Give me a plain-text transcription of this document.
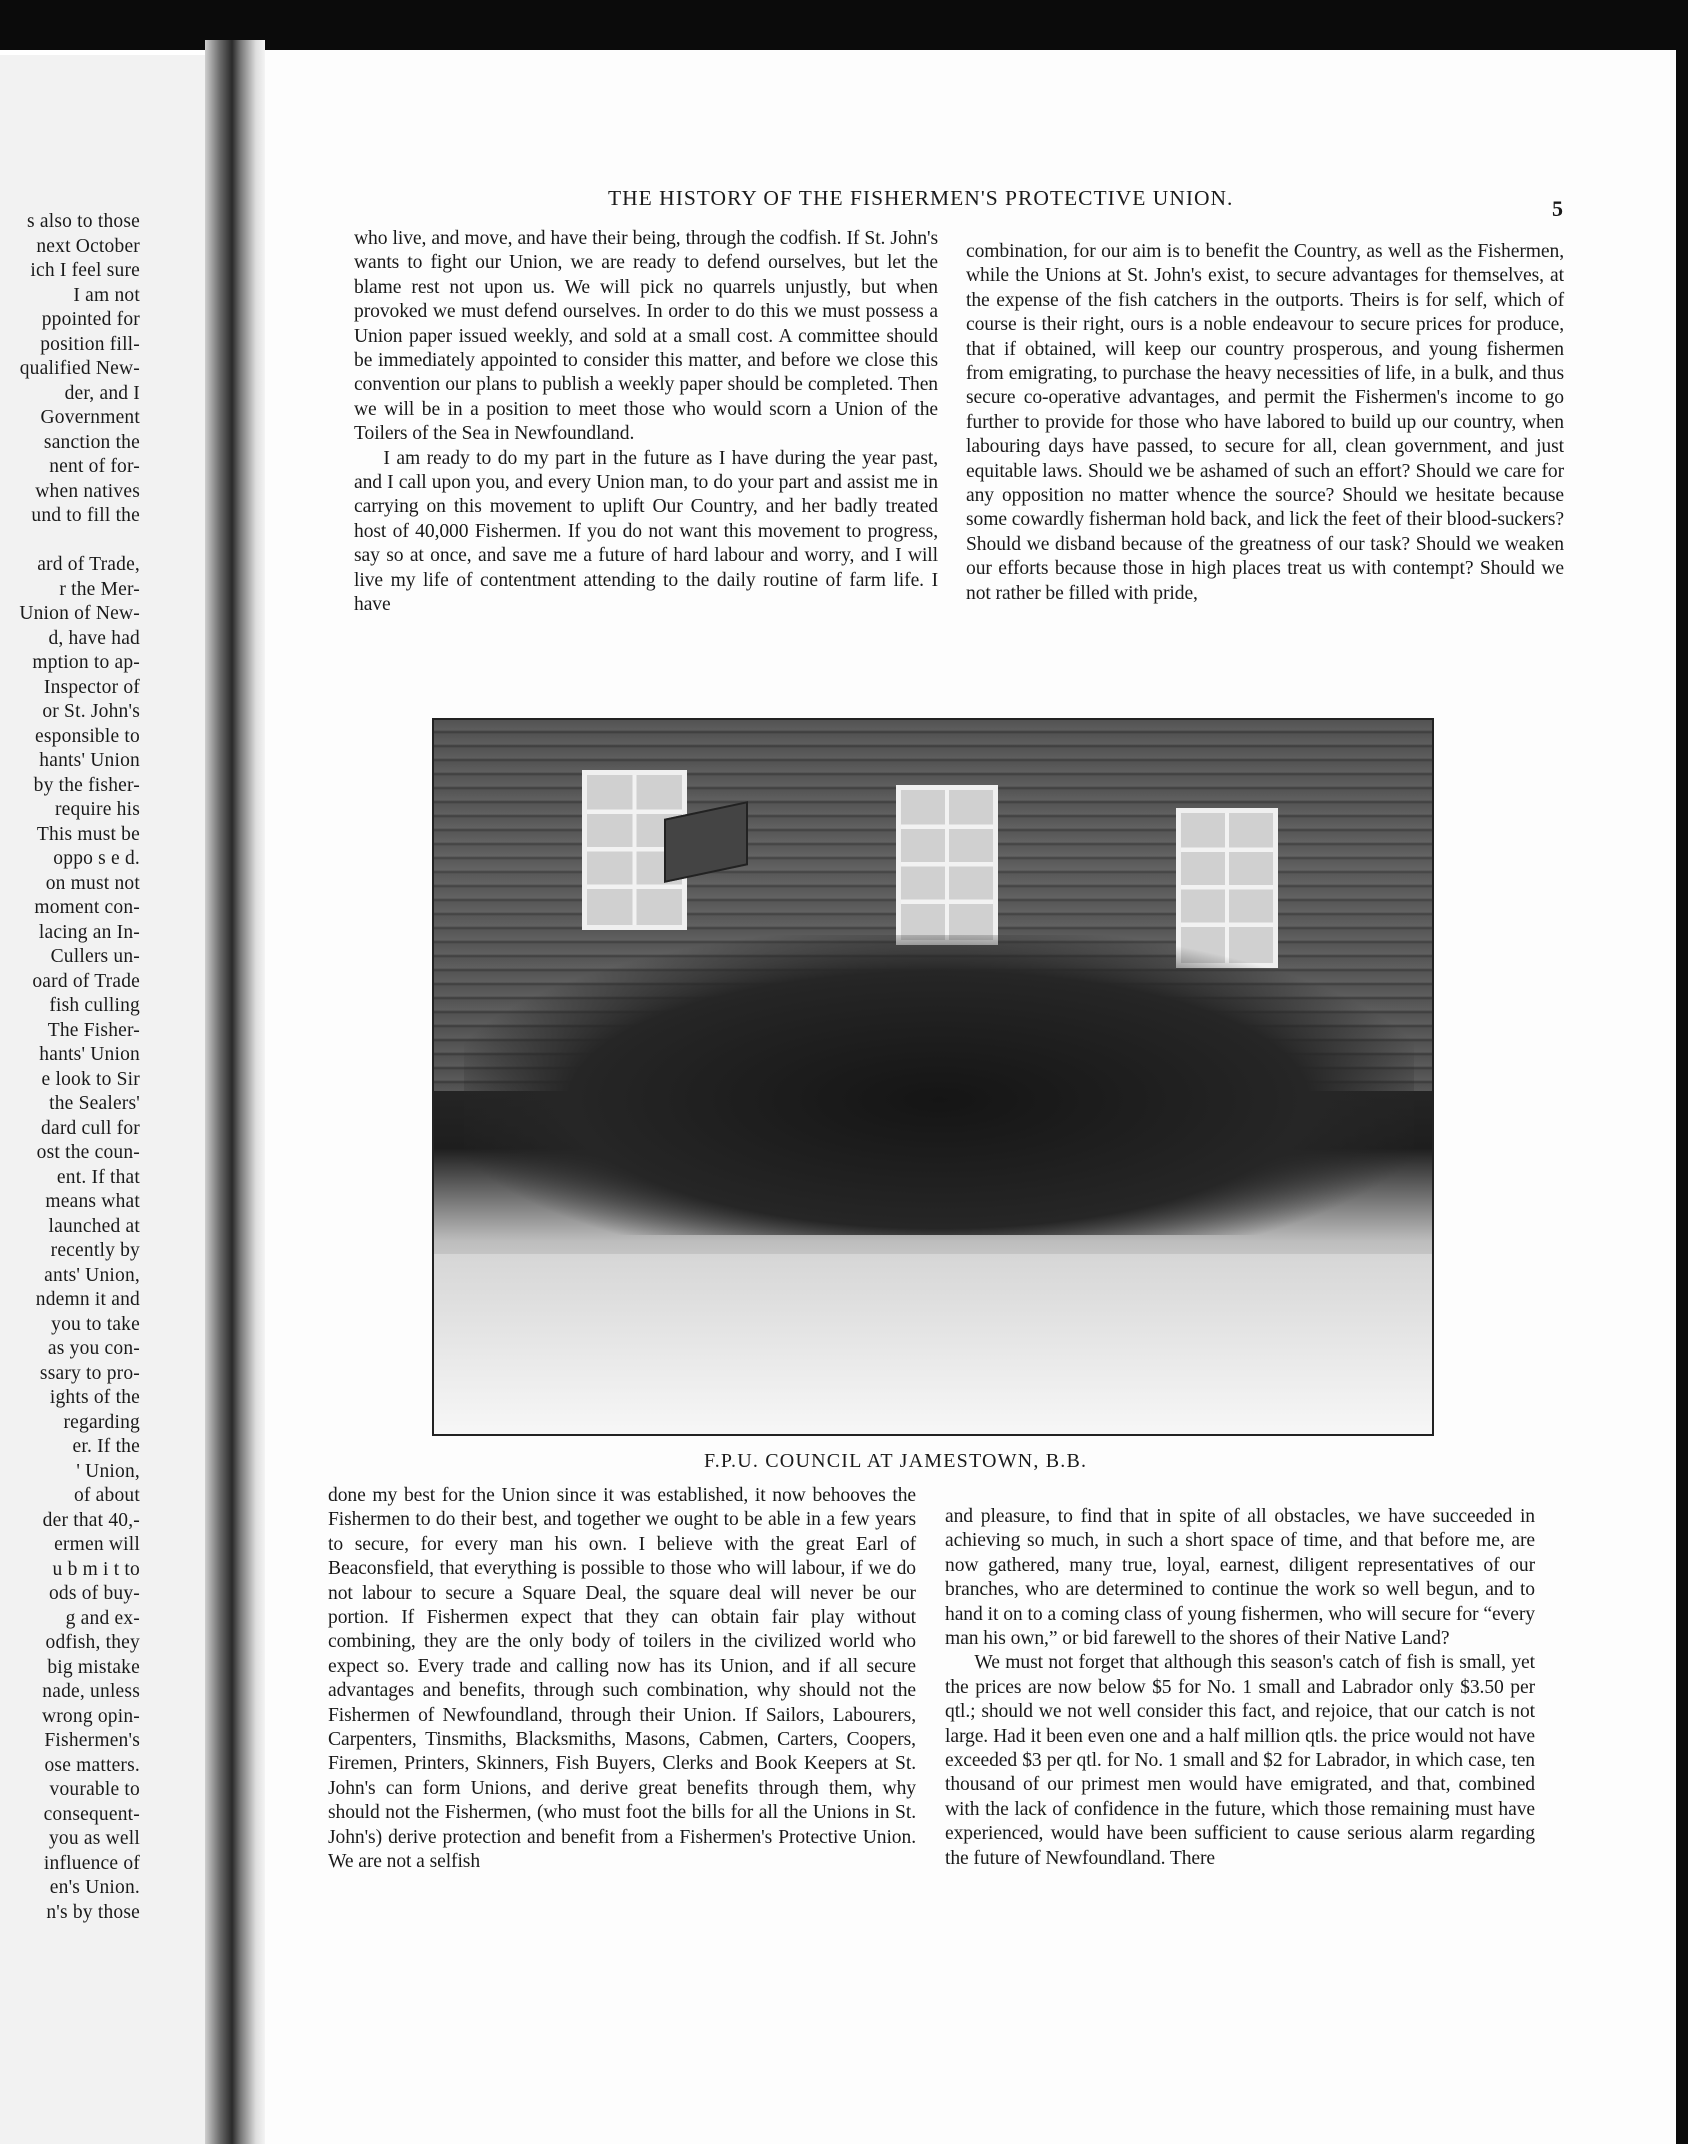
s also to those
next October
ich I feel sure
I am not
ppointed for
position fill-
qualified New-
der, and I
Government
sanction the
nent of for-
when natives
und to fill the

ard of Trade,
r the Mer-
Union of New-
d, have had
mption to ap-
Inspector of
or St. John's
esponsible to
hants' Union
by the fisher-
require his
This must be
oppo s e d.
on must not
moment con-
lacing an In-
Cullers un-
oard of Trade
fish culling
The Fisher-
hants' Union
e look to Sir
the Sealers'
dard cull for
ost the coun-
ent. If that
means what
launched at
recently by
ants' Union,
ndemn it and
you to take
as you con-
ssary to pro-
ights of the
regarding
er. If the
' Union,
of about
der that 40,-
ermen will
u b m i t to
ods of buy-
g and ex-
odfish, they
big mistake
nade, unless
wrong opin-
Fishermen's
ose matters.
vourable to
consequent-
you as well
influence of
en's Union.
n's by those
THE HISTORY OF THE FISHERMEN'S PROTECTIVE UNION.	5

who live, and move, and have their being, through the codfish. If St. John's wants to fight our Union, we are ready to defend ourselves, but let the blame rest not upon us. We will pick no quarrels unjustly, but when provoked we must defend ourselves. In order to do this we must possess a Union paper issued weekly, and sold at a small cost. A committee should be immediately appointed to consider this matter, and before we close this convention our plans to publish a weekly paper should be completed. Then we will be in a position to meet those who would scorn a Union of the Toilers of the Sea in Newfoundland.

I am ready to do my part in the future as I have during the year past, and I call upon you, and every Union man, to do your part and assist me in carrying on this movement to uplift Our Country, and her badly treated host of 40,000 Fishermen. If you do not want this movement to progress, say so at once, and save me a future of hard labour and worry, and I will live my life of contentment attending to the daily routine of farm life. I have

combination, for our aim is to benefit the Country, as well as the Fishermen, while the Unions at St. John's exist, to secure advantages for themselves, at the expense of the fish catchers in the outports. Theirs is for self, which of course is their right, ours is a noble endeavour to secure prices for produce, that if obtained, will keep our country prosperous, and young fishermen from emigrating, to purchase the heavy necessities of life, in a bulk, and thus secure co-operative advantages, and permit the Fishermen's income to go further to provide for those who have labored to build up our country, when labouring days have passed, to secure for all, clean government, and just equitable laws. Should we be ashamed of such an effort? Should we care for any opposition no matter whence the source? Should we hesitate because some cowardly fisherman hold back, and lick the feet of their blood-suckers? Should we disband because of the greatness of our task? Should we weaken our efforts because those in high places treat us with contempt? Should we not rather be filled with pride,

F.P.U. COUNCIL AT JAMESTOWN, B.B.

done my best for the Union since it was established, it now behooves the Fishermen to do their best, and together we ought to be able in a few years to secure, for every man his own. I believe with the great Earl of Beaconsfield, that everything is possible to those who will labour, if we do not labour to secure a Square Deal, the square deal will never be our portion. If Fishermen expect that they can obtain fair play without combining, they are the only body of toilers in the civilized world who expect so. Every trade and calling now has its Union, and if all secure advantages and benefits, through such combination, why should not the Fishermen of Newfoundland, through their Union. If Sailors, Labourers, Carpenters, Tinsmiths, Blacksmiths, Masons, Cabmen, Carters, Coopers, Firemen, Printers, Skinners, Fish Buyers, Clerks and Book Keepers at St. John's can form Unions, and derive great benefits through them, why should not the Fishermen, (who must foot the bills for all the Unions in St. John's) derive protection and benefit from a Fishermen's Protective Union. We are not a selfish

and pleasure, to find that in spite of all obstacles, we have succeeded in achieving so much, in such a short space of time, and that before me, are now gathered, many true, loyal, earnest, diligent representatives of our branches, who are determined to continue the work so well begun, and to hand it on to a coming class of young fishermen, who will secure for “every man his own,” or bid farewell to the shores of their Native Land?

We must not forget that although this season's catch of fish is small, yet the prices are now below $5 for No. 1 small and Labrador only $3.50 per qtl.; should we not well consider this fact, and rejoice, that our catch is not large. Had it been even one and a half million qtls. the price would not have exceeded $3 per qtl. for No. 1 small and $2 for Labrador, in which case, ten thousand of our primest men would have emigrated, and that, combined with the lack of confidence in the future, which those remaining must have experienced, would have been sufficient to cause serious alarm regarding the future of Newfoundland. There
